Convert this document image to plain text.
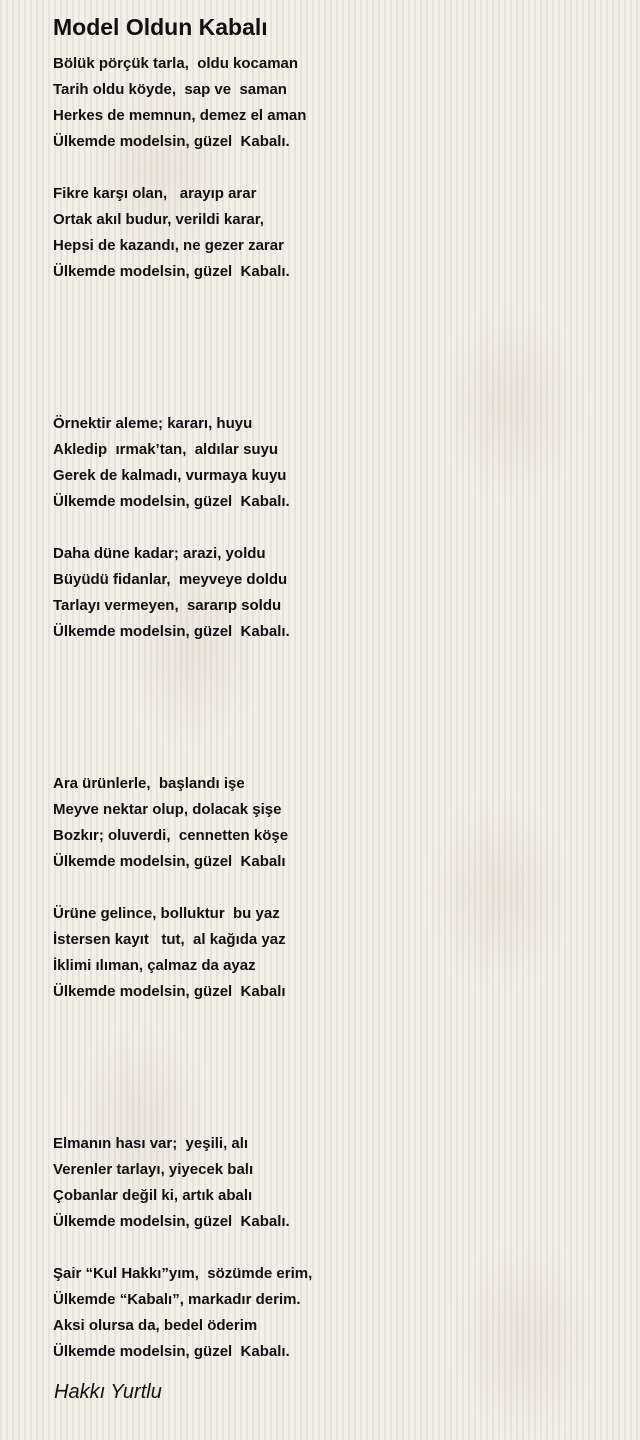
Model Oldun Kabalı
Bölük pörçük tarla,  oldu kocaman
Tarih oldu köyde,  sap ve  saman
Herkes de memnun, demez el aman
Ülkemde modelsin, güzel  Kabalı.
Fikre karşı olan,   arayıp arar
Ortak akıl budur, verildi karar,
Hepsi de kazandı, ne gezer zarar
Ülkemde modelsin, güzel  Kabalı.
Örnektir aleme; kararı, huyu
Akledip  ırmak’tan,  aldılar suyu
Gerek de kalmadı, vurmaya kuyu
Ülkemde modelsin, güzel  Kabalı.
Daha düne kadar; arazi, yoldu
Büyüdü fidanlar,  meyveye doldu
Tarlayı vermeyen,  sararıp soldu
Ülkemde modelsin, güzel  Kabalı.
Ara ürünlerle,  başlandı işe
Meyve nektar olup, dolacak şişe
Bozkır; oluverdi,  cennetten köşe
Ülkemde modelsin, güzel  Kabalı
Ürüne gelince, bolluktur  bu yaz
İstersen kayıt   tut,  al kağıda yaz
İklimi ılıman, çalmaz da ayaz
Ülkemde modelsin, güzel  Kabalı
Elmanın hası var;  yeşili, alı
Verenler tarlayı, yiyecek balı
Çobanlar değil ki, artık abalı
Ülkemde modelsin, güzel  Kabalı.
Şair “Kul Hakkı”yım,  sözümde erim,
Ülkemde “Kabalı”, markadır derim.
Aksi olursa da, bedel öderim
Ülkemde modelsin, güzel  Kabalı.
Hakkı Yurtlu
